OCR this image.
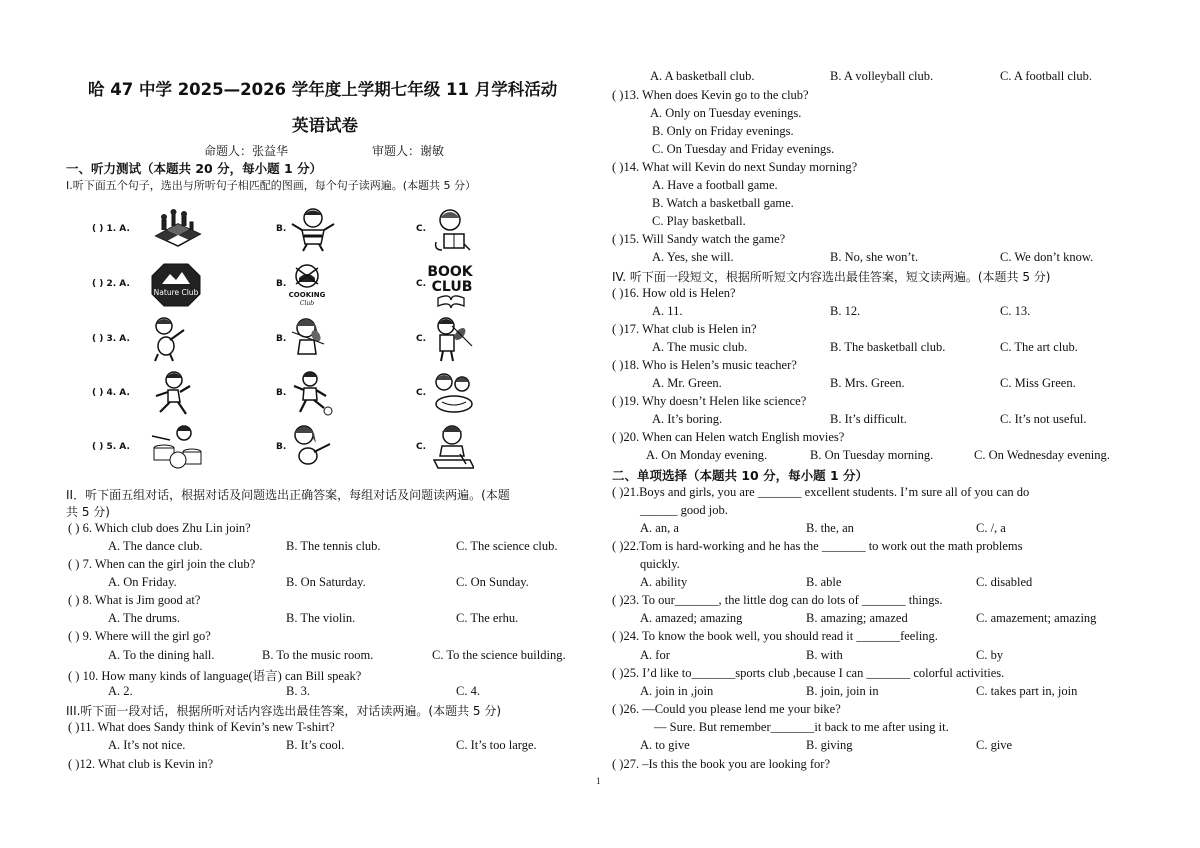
哈 47 中学 2025—2026 学年度上学期七年级 11 月学科活动
英语试卷
命题人：张益华	审题人：谢敏
一、听力测试（本题共 20 分，每小题 1 分）
I.听下面五个句子，选出与所听句子相匹配的图画，每个句子读两遍。(本题共 5 分）
( ) 1. A.	B.	C.
( ) 2. A.	B.	C.
( ) 3. A.	B.	C.
( ) 4. A.	B.	C.
( ) 5. A.	B.	C.
Nature Club	COOKING
Club
BOOK
CLUB
II．听下面五组对话，根据对话及问题选出正确答案，每组对话及问题读两遍。(本题
共 5 分)
( ) 6. Which club does Zhu Lin join?
A. The dance club.	B. The tennis club.	C. The science club.
( ) 7. When can the girl join the club?
A. On Friday.	B. On Saturday.	C. On Sunday.
( ) 8. What is Jim good at?
A. The drums.	B. The violin.	C. The erhu.
( ) 9. Where will the girl go?
A. To the dining hall.	B. To the music room.	C. To the science building.
( ) 10. How many kinds of language(语言) can Bill speak?
A. 2.	B. 3.	C. 4.
III.听下面一段对话，根据所听对话内容选出最佳答案，对话读两遍。(本题共 5 分)
( )11. What does Sandy think of Kevin’s new T-shirt?
A. It’s not nice.	B. It’s cool.	C. It’s too large.
( )12. What club is Kevin in?
A. A basketball club.	B. A volleyball club.	C. A football club.
( )13. When does Kevin go to the club?
A. Only on Tuesday evenings.
B. Only on Friday evenings.
C. On Tuesday and Friday evenings.
( )14. What will Kevin do next Sunday morning?
A. Have a football game.
B. Watch a basketball game.
C. Play basketball.
( )15. Will Sandy watch the game?
A. Yes, she will.	B. No, she won’t.	C. We don’t know.
IV. 听下面一段短文，根据所听短文内容选出最佳答案，短文读两遍。(本题共 5 分)
( )16. How old is Helen?
A. 11.	B. 12.	C. 13.
( )17. What club is Helen in?
A. The music club.	B. The basketball club.	C. The art club.
( )18. Who is Helen’s music teacher?
A. Mr. Green.	B. Mrs. Green.	C. Miss Green.
( )19. Why doesn’t Helen like science?
A. It’s boring.	B. It’s difficult.	C. It’s not useful.
( )20. When can Helen watch English movies?
A. On Monday evening.	B. On Tuesday morning.	C. On Wednesday evening.
二、单项选择（本题共 10 分，每小题 1 分）
( )21.Boys and girls, you are _______ excellent students. I’m sure all of you can do
______ good job.
A. an, a	B. the, an	C. /, a
( )22.Tom is hard-working and he has the _______ to work out the math problems
quickly.
A. ability	B. able	C. disabled
( )23. To our_______, the little dog can do lots of _______ things.
A. amazed; amazing	B. amazing; amazed	C. amazement; amazing
( )24. To know the book well, you should read it _______feeling.
A. for	B. with	C. by
( )25. I’d like to_______sports club ,because I can _______ colorful activities.
A. join in ,join	B. join, join in	C. takes part in, join
( )26. —Could you please lend me your bike?
— Sure. But remember_______it back to me after using it.
A. to give	B. giving	C. give
( )27. –Is this the book you are looking for?
1
